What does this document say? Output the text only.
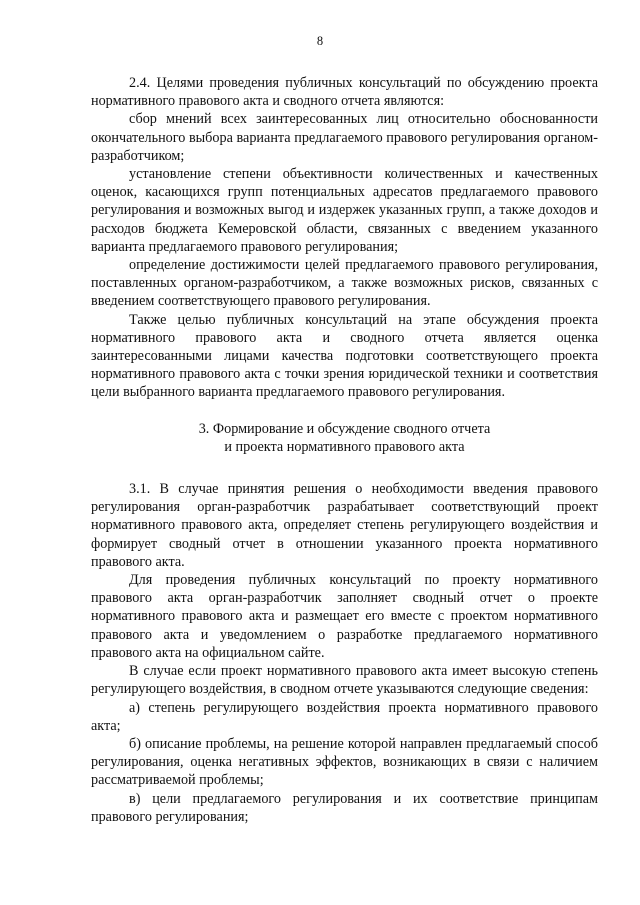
8

2.4. Целями проведения публичных консультаций по обсуждению проекта нормативного правового акта и сводного отчета являются:

сбор мнений всех заинтересованных лиц относительно обоснованности окончательного выбора варианта предлагаемого правового регулирования органом-разработчиком;

установление степени объективности количественных и качественных оценок, касающихся групп потенциальных адресатов предлагаемого правового регулирования и возможных выгод и издержек указанных групп, а также доходов и расходов бюджета Кемеровской области, связанных с введением указанного варианта предлагаемого правового регулирования;

определение достижимости целей предлагаемого правового регулирования, поставленных органом-разработчиком, а также возможных рисков, связанных с введением соответствующего правового регулирования.

Также целью публичных консультаций на этапе обсуждения проекта нормативного правового акта и сводного отчета является оценка заинтересованными лицами качества подготовки соответствующего проекта нормативного правового акта с точки зрения юридической техники и соответствия цели выбранного варианта предлагаемого правового регулирования.

3. Формирование и обсуждение сводного отчета
и проекта нормативного правового акта

3.1. В случае принятия решения о необходимости введения правового регулирования орган-разработчик разрабатывает соответствующий проект нормативного правового акта, определяет степень регулирующего воздействия и формирует сводный отчет в отношении указанного проекта нормативного правового акта.

Для проведения публичных консультаций по проекту нормативного правового акта орган-разработчик заполняет сводный отчет о проекте нормативного правового акта и размещает его вместе с проектом нормативного правового акта и уведомлением о разработке предлагаемого нормативного правового акта на официальном сайте.

В случае если проект нормативного правового акта имеет высокую степень регулирующего воздействия, в сводном отчете указываются следующие сведения:

а) степень регулирующего воздействия проекта нормативного правового акта;

б) описание проблемы, на решение которой направлен предлагаемый способ регулирования, оценка негативных эффектов, возникающих в связи с наличием рассматриваемой проблемы;

в) цели предлагаемого регулирования и их соответствие принципам правового регулирования;
